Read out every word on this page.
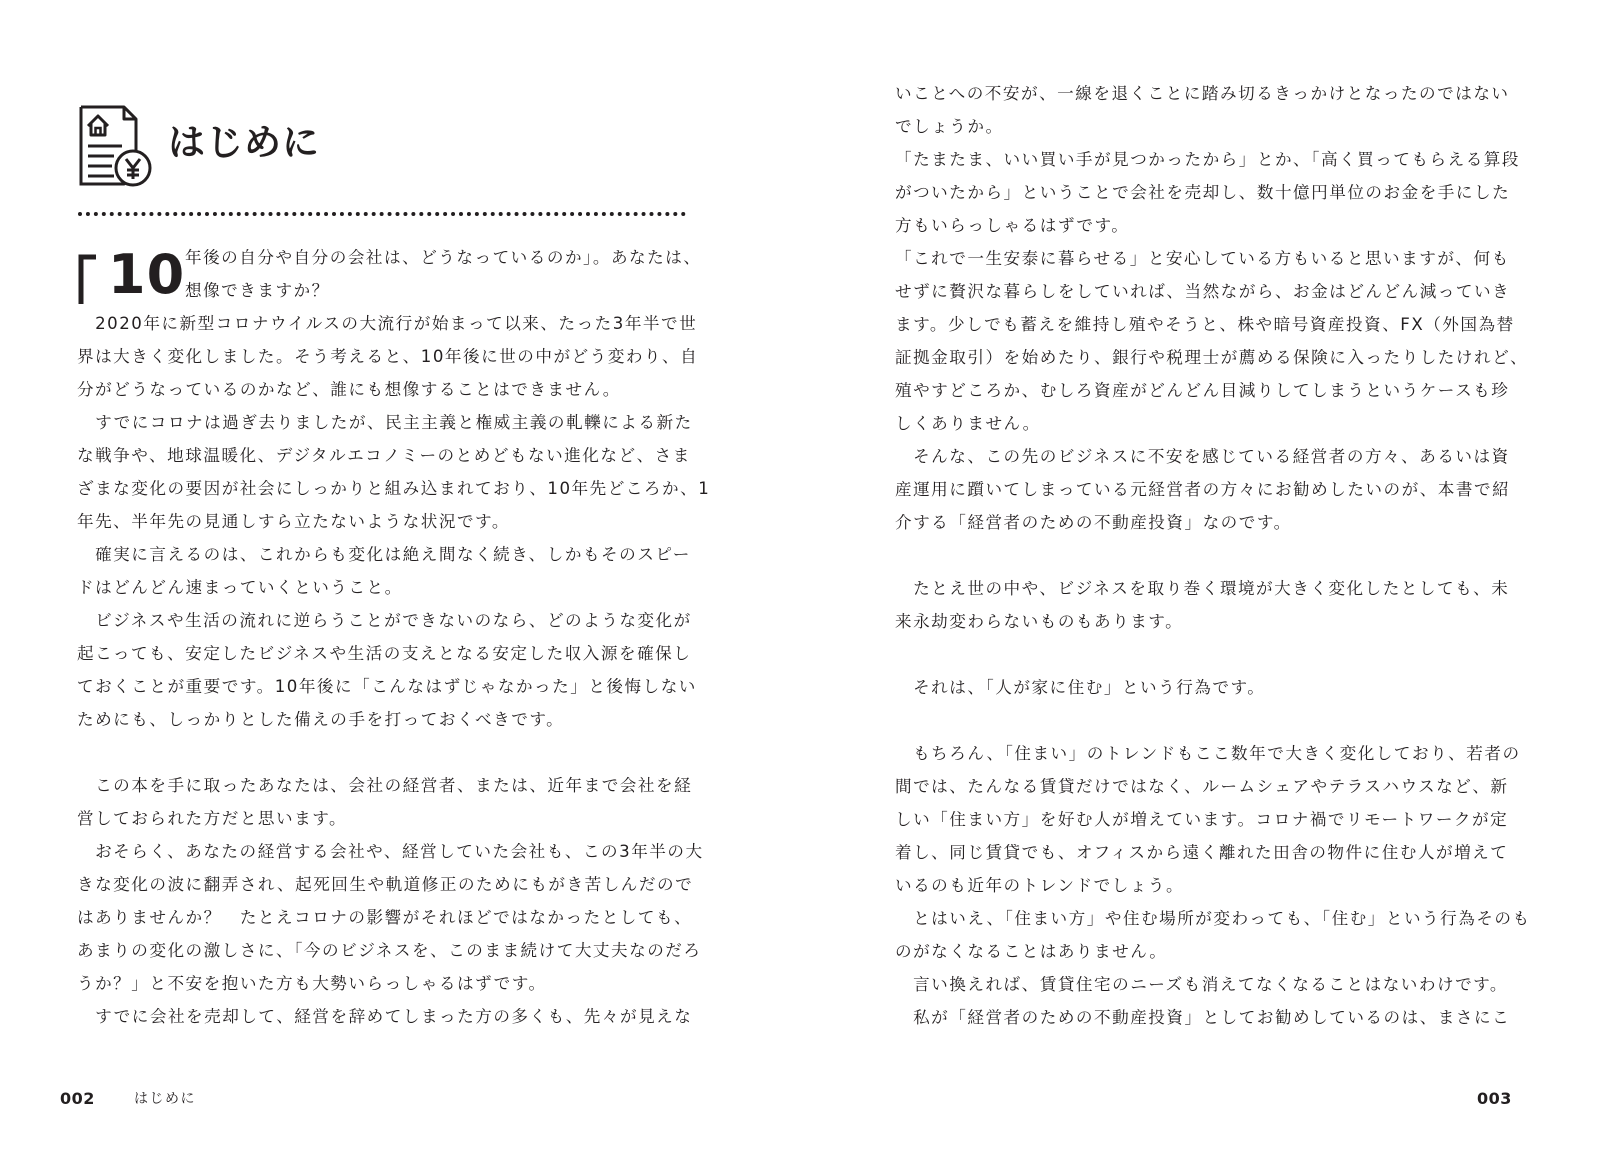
はじめに
10 年後の自分や自分の会社は、どうなっているのか」。あなたは、
想像できますか？
　2020年に新型コロナウイルスの大流行が始まって以来、たった3年半で世
界は大きく変化しました。そう考えると、10年後に世の中がどう変わり、自
分がどうなっているのかなど、誰にも想像することはできません。
　すでにコロナは過ぎ去りましたが、民主主義と権威主義の軋轢による新た
な戦争や、地球温暖化、デジタルエコノミーのとめどもない進化など、さま
ざまな変化の要因が社会にしっかりと組み込まれており、10年先どころか、1
年先、半年先の見通しすら立たないような状況です。
　確実に言えるのは、これからも変化は絶え間なく続き、しかもそのスピー
ドはどんどん速まっていくということ。
　ビジネスや生活の流れに逆らうことができないのなら、どのような変化が
起こっても、安定したビジネスや生活の支えとなる安定した収入源を確保し
ておくことが重要です。10年後に「こんなはずじゃなかった」と後悔しない
ためにも、しっかりとした備えの手を打っておくべきです。
　この本を手に取ったあなたは、会社の経営者、または、近年まで会社を経
営しておられた方だと思います。
　おそらく、あなたの経営する会社や、経営していた会社も、この3年半の大
きな変化の波に翻弄され、起死回生や軌道修正のためにもがき苦しんだので
はありませんか？　たとえコロナの影響がそれほどではなかったとしても、
あまりの変化の激しさに、「今のビジネスを、このまま続けて大丈夫なのだろ
うか？」と不安を抱いた方も大勢いらっしゃるはずです。
　すでに会社を売却して、経営を辞めてしまった方の多くも、先々が見えな
002	はじめに
いことへの不安が、一線を退くことに踏み切るきっかけとなったのではない
でしょうか。
「たまたま、いい買い手が見つかったから」とか、「高く買ってもらえる算段
がついたから」ということで会社を売却し、数十億円単位のお金を手にした
方もいらっしゃるはずです。
「これで一生安泰に暮らせる」と安心している方もいると思いますが、何も
せずに贅沢な暮らしをしていれば、当然ながら、お金はどんどん減っていき
ます。少しでも蓄えを維持し殖やそうと、株や暗号資産投資、FX（外国為替
証拠金取引）を始めたり、銀行や税理士が薦める保険に入ったりしたけれど、
殖やすどころか、むしろ資産がどんどん目減りしてしまうというケースも珍
しくありません。
　そんな、この先のビジネスに不安を感じている経営者の方々、あるいは資
産運用に躓いてしまっている元経営者の方々にお勧めしたいのが、本書で紹
介する「経営者のための不動産投資」なのです。
　たとえ世の中や、ビジネスを取り巻く環境が大きく変化したとしても、未
来永劫変わらないものもあります。
　それは、「人が家に住む」という行為です。
　もちろん、「住まい」のトレンドもここ数年で大きく変化しており、若者の
間では、たんなる賃貸だけではなく、ルームシェアやテラスハウスなど、新
しい「住まい方」を好む人が増えています。コロナ禍でリモートワークが定
着し、同じ賃貸でも、オフィスから遠く離れた田舎の物件に住む人が増えて
いるのも近年のトレンドでしょう。
　とはいえ、「住まい方」や住む場所が変わっても、「住む」という行為そのも
のがなくなることはありません。
　言い換えれば、賃貸住宅のニーズも消えてなくなることはないわけです。
　私が「経営者のための不動産投資」としてお勧めしているのは、まさにこ
003
